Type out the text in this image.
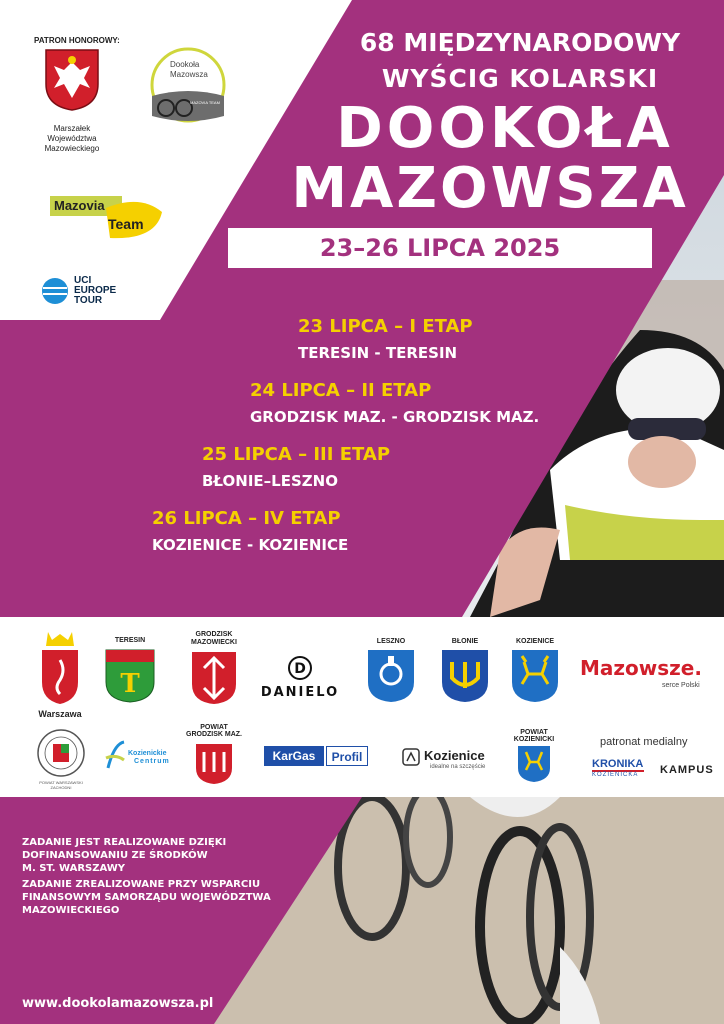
PATRON HONOROWY:
Marszałek
Województwa
Mazowieckiego
Dookoła
Mazowsza
MAZOVIA TEAM
Mazovia
Team
UCI
EUROPE
TOUR
68 MIĘDZYNARODOWY
WYŚCIG KOLARSKI
DOOKOŁA
MAZOWSZA
23–26 LIPCA 2025
23 LIPCA – I ETAP
TERESIN - TERESIN
24 LIPCA – II ETAP
GRODZISK MAZ. - GRODZISK MAZ.
25 LIPCA – III ETAP
BŁONIE–LESZNO
26 LIPCA – IV ETAP
KOZIENICE - KOZIENICE
Warszawa
TERESIN
T
GRODZISK
MAZOWIECKI
D
DANIELO
LESZNO	BŁONIE	KOZIENICE
Mazowsze.
serce Polski
POWIAT WARSZAWSKI ZACHODNI
Kozienickie
Centrum
POWIAT
GRODZISK MAZ.
KarGas	Profil	Kozienice
idealne na szczęście
POWIAT
KOZIENICKI	patronat medialny
KRONIKA
KOZIENICKA	KAMPUS
ZADANIE JEST REALIZOWANE DZIĘKI
DOFINANSOWANIU ZE ŚRODKÓW
M. ST. WARSZAWY
ZADANIE ZREALIZOWANE PRZY WSPARCIU
FINANSOWYM SAMORZĄDU WOJEWÓDZTWA
MAZOWIECKIEGO
www.dookolamazowsza.pl
